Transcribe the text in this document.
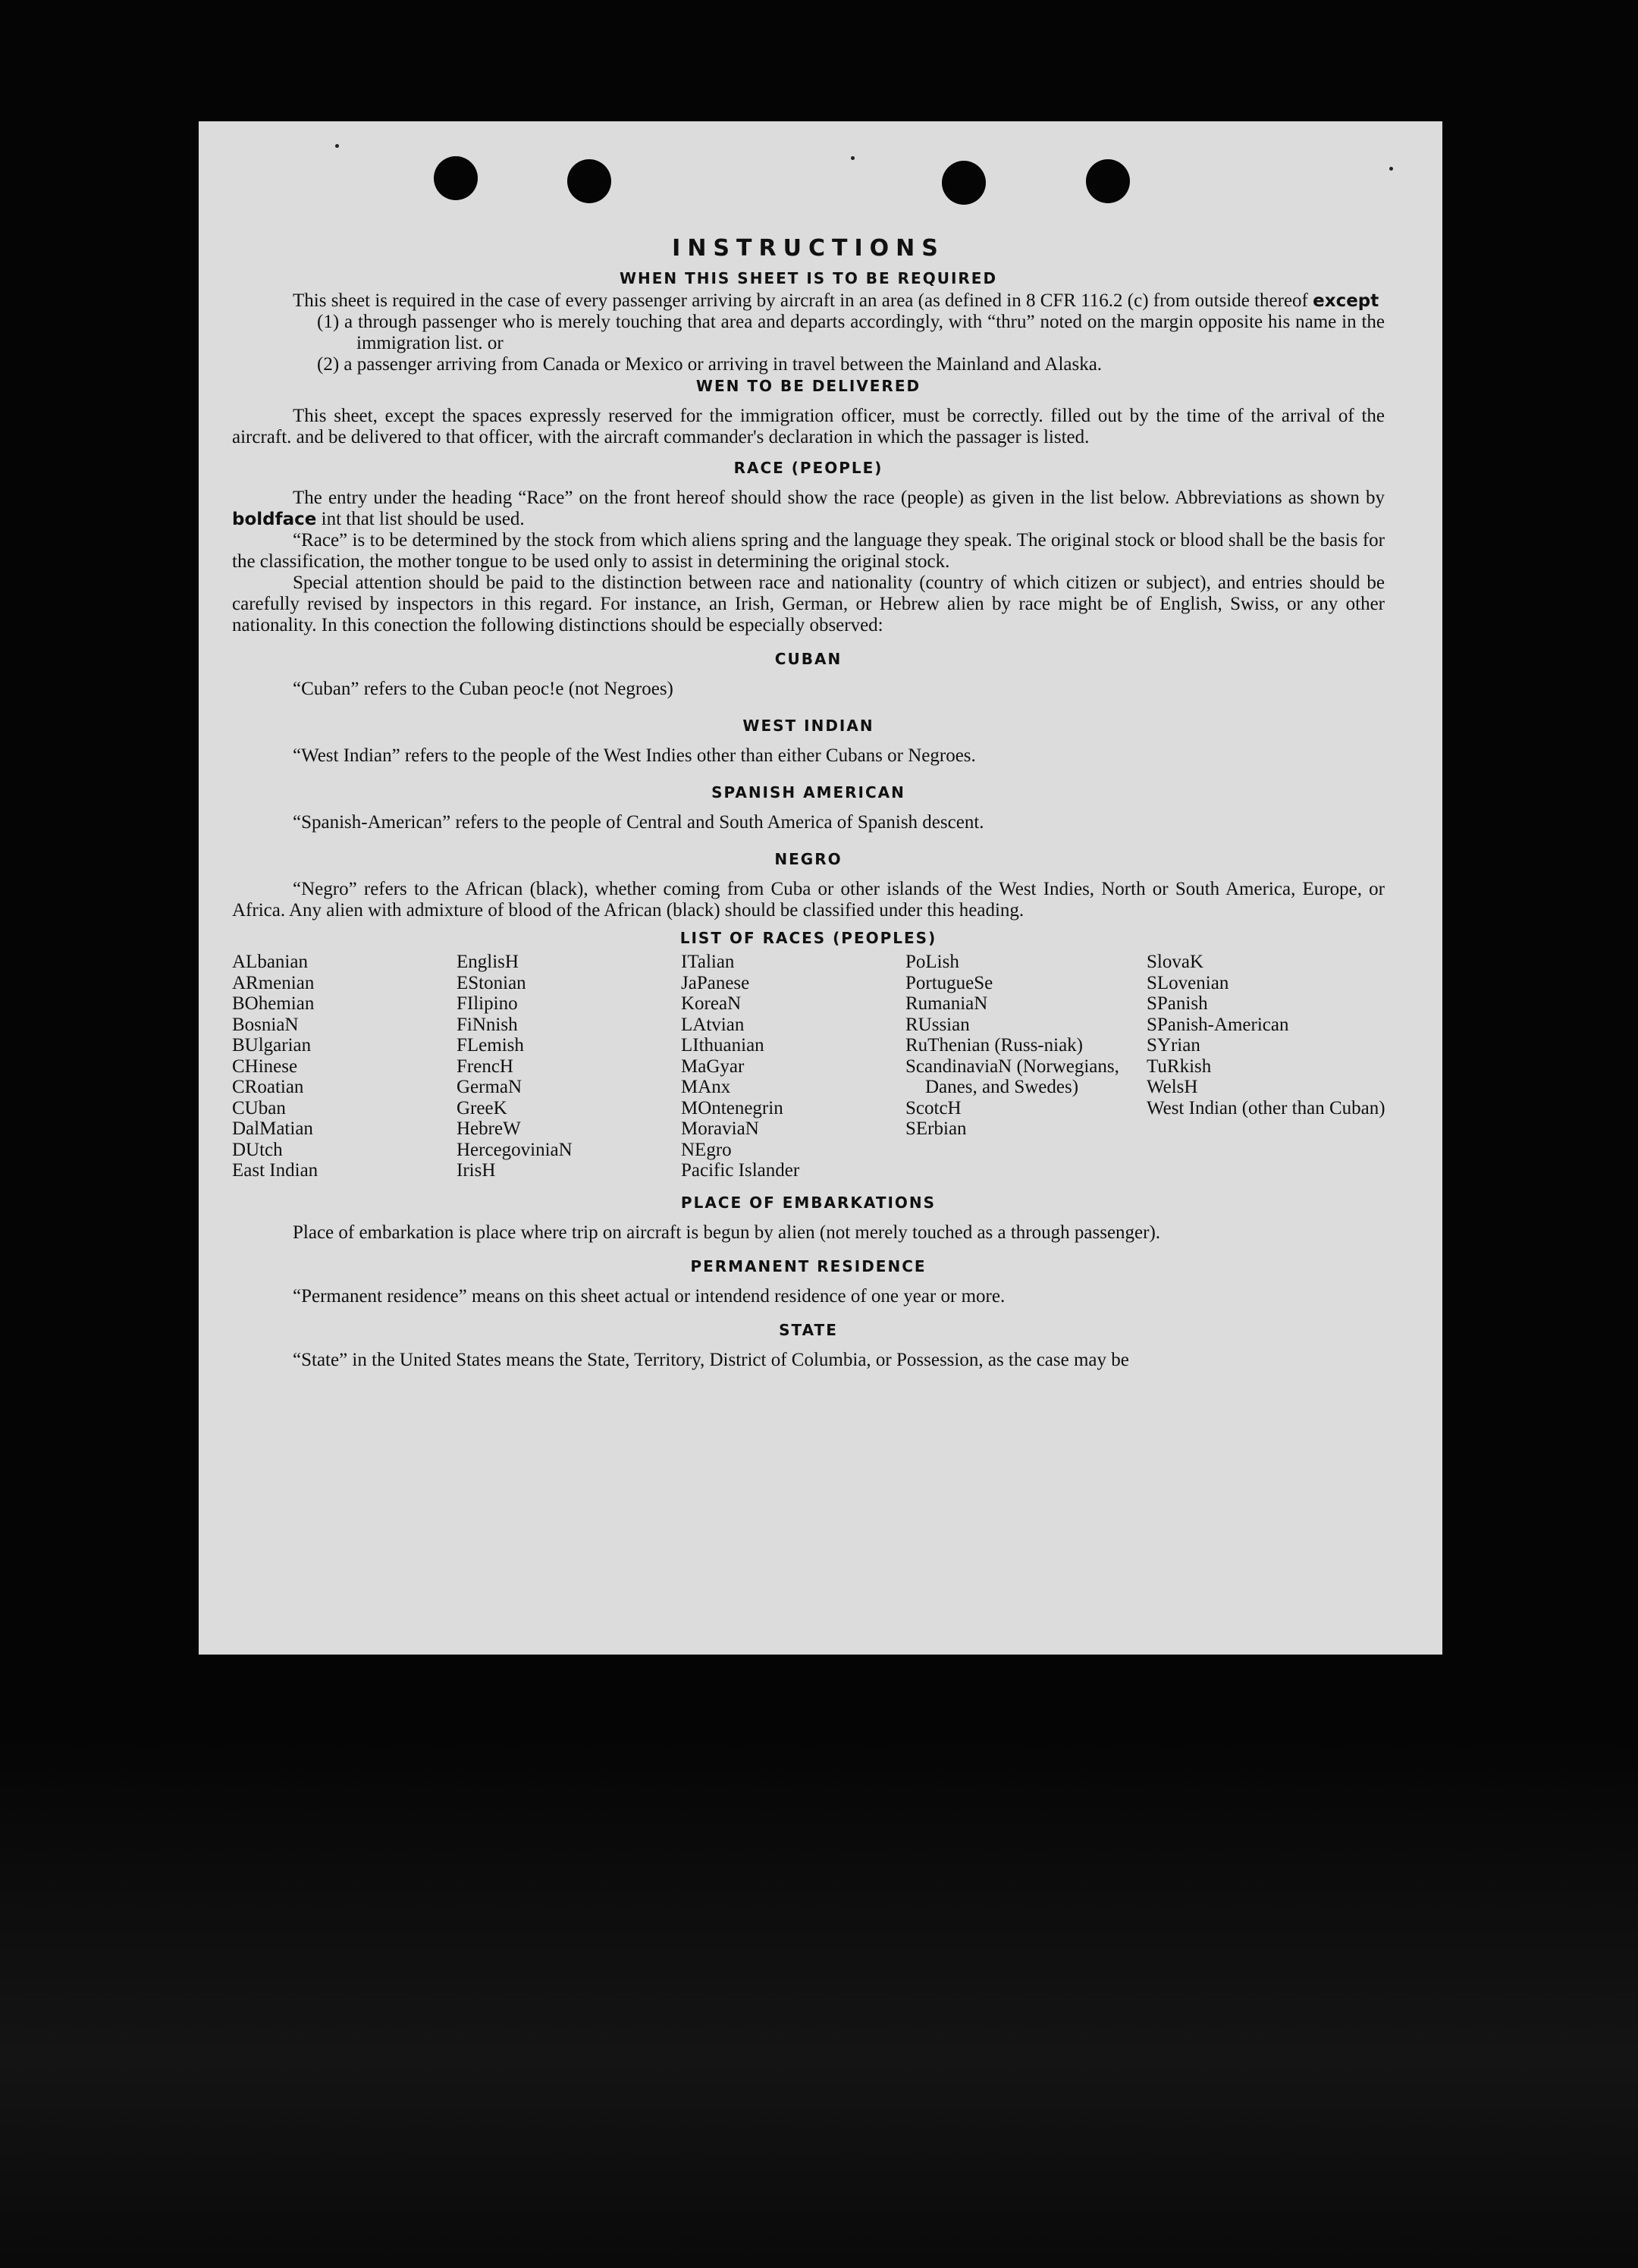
INSTRUCTIONS
WHEN THIS SHEET IS TO BE REQUIRED

This sheet is required in the case of every passenger arriving by aircraft in an area (as defined in 8 CFR 116.2 (c) from outside thereof except

(1) a through passenger who is merely touching that area and departs accordingly, with “thru” noted on the margin opposite his name in the immigration list. or
(2) a passenger arriving from Canada or Mexico or arriving in travel between the Mainland and Alaska.
WEN TO BE DELIVERED

This sheet, except the spaces expressly reserved for the immigration officer, must be correctly. filled out by the time of the arrival of the aircraft. and be delivered to that officer, with the aircraft commander's declaration in which the passager is listed.

RACE (PEOPLE)

The entry under the heading “Race” on the front hereof should show the race (people) as given in the list below. Abbreviations as shown by boldface int that list should be used.

“Race” is to be determined by the stock from which aliens spring and the language they speak. The original stock or blood shall be the basis for the classification, the mother tongue to be used only to assist in determining the original stock.

Special attention should be paid to the distinction between race and nationality (country of which citizen or subject), and entries should be carefully revised by inspectors in this regard. For instance, an Irish, German, or Hebrew alien by race might be of English, Swiss, or any other nationality. In this conection the following distinctions should be especially observed:

CUBAN

“Cuban” refers to the Cuban peoc!e (not Negroes)

WEST INDIAN

“West Indian” refers to the people of the West Indies other than either Cubans or Negroes.

SPANISH AMERICAN

“Spanish-American” refers to the people of Central and South America of Spanish descent.

NEGRO

“Negro” refers to the African (black), whether coming from Cuba or other islands of the West Indies, North or South America, Europe, or Africa. Any alien with admixture of blood of the African (black) should be classified under this heading.

LIST OF RACES (PEOPLES)
ALbanian
ARmenian
BOhemian
BosniaN
BUlgarian
CHinese
CRoatian
CUban
DalMatian
DUtch
East Indian
EnglisH
EStonian
FIlipino
FiNnish
FLemish
FrencH
GermaN
GreeK
HebreW
HercegoviniaN
IrisH
ITalian
JaPanese
KoreaN
LAtvian
LIthuanian
MaGyar
MAnx
MOntenegrin
MoraviaN
NEgro
Pacific Islander
PoLish
PortugueSe
RumaniaN
RUssian
RuThenian (Russ-niak)
ScandinaviaN (Norwegians, Danes, and Swedes)
ScotcH
SErbian
SlovaK
SLovenian
SPanish
SPanish-American
SYrian
TuRkish
WelsH
West Indian (other than Cuban)
PLACE OF EMBARKATIONS

Place of embarkation is place where trip on aircraft is begun by alien (not merely touched as a through passenger).

PERMANENT RESIDENCE

“Permanent residence” means on this sheet actual or intendend residence of one year or more.

STATE

“State” in the United States means the State, Territory, District of Columbia, or Possession, as the case may be
